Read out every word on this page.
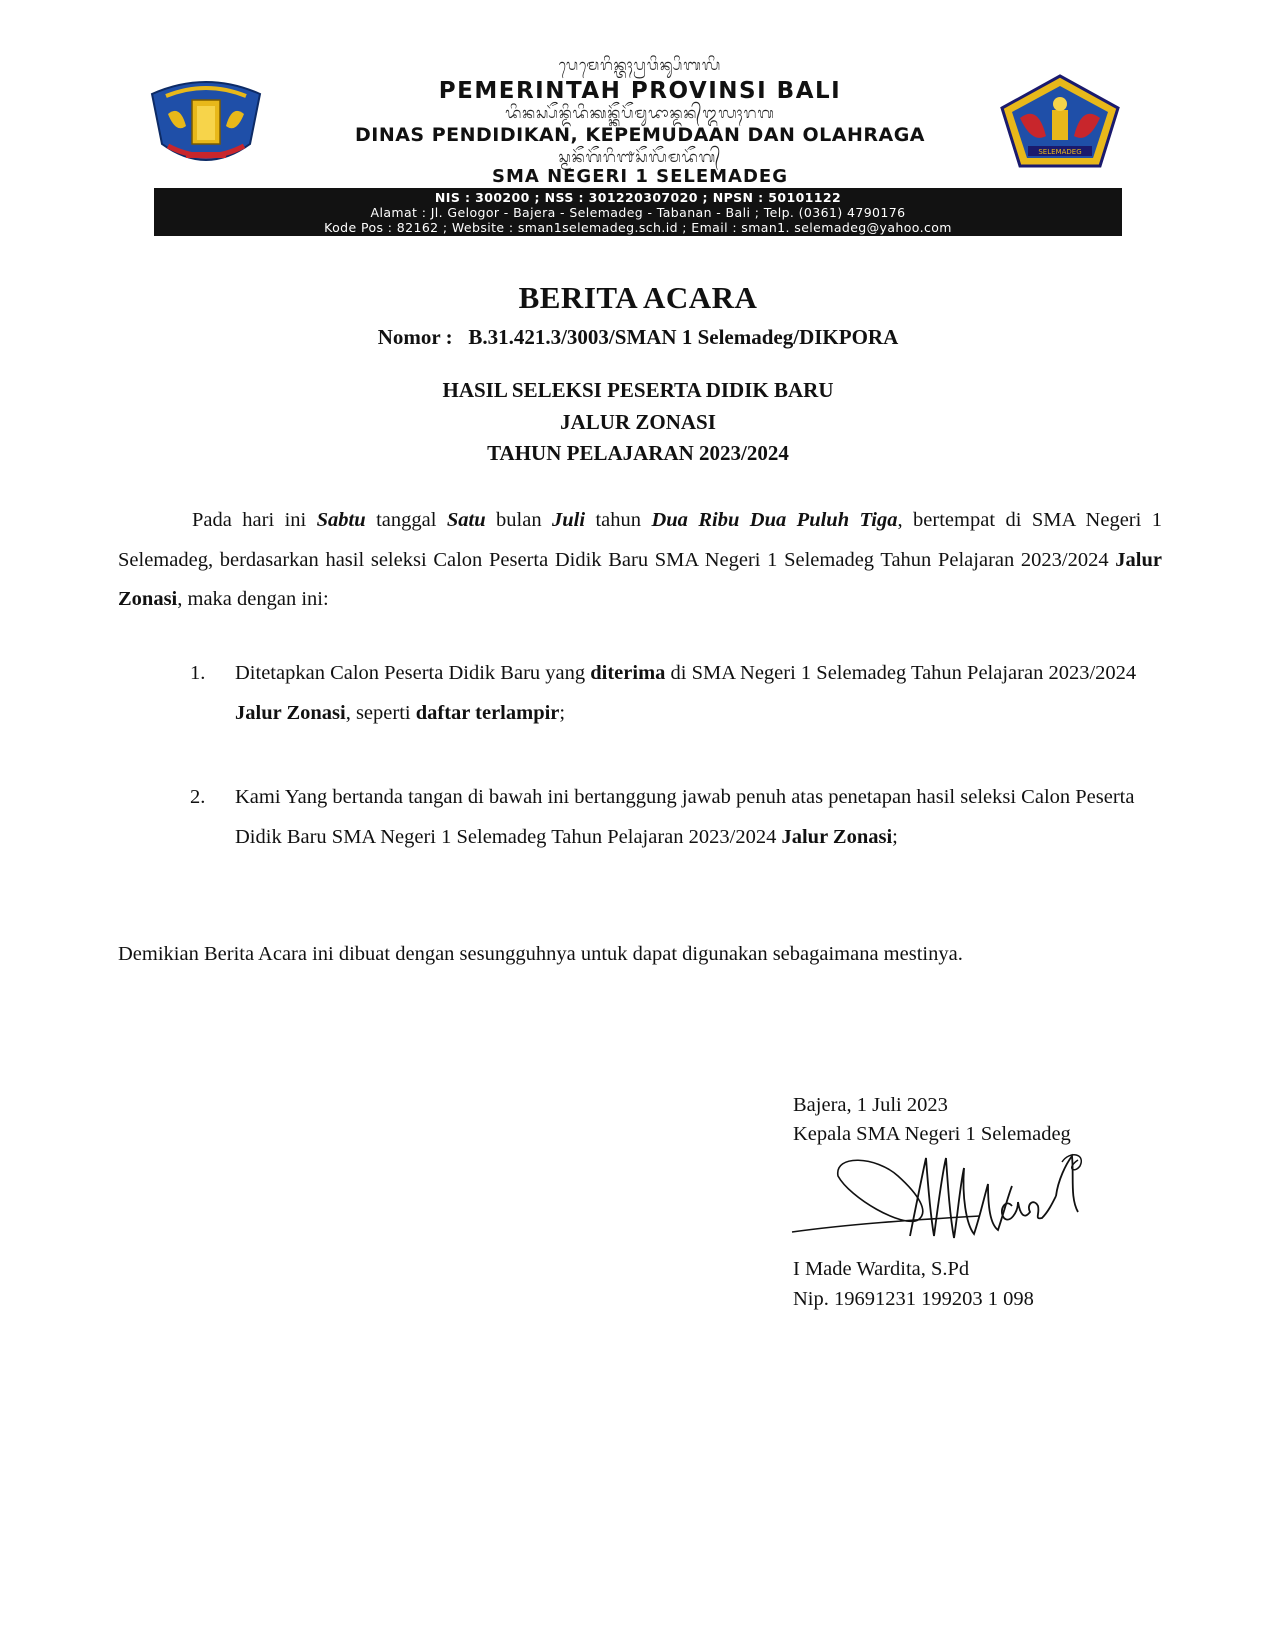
ᬧᬾᬫᬾᬭᬶᬦ᭄ᬢᬄᬧ᭄ᬭᬯᬶᬦ᭄ᬲᬶᬩᬮᬶ
PEMERINTAH PROVINSI BALI
ᬤᬶᬦᬲ᭄ᬧᭂᬦ᭄ᬤᬶᬤᬶᬓᬦ᭄ᬓᭂᬧᭂᬫᬸᬤᬵᬦ᭄ᬤᬦ᭄ᬑᬮᬄᬭᬕ
DINAS PENDIDIKAN, KEPEMUDAAN DAN OLAHRAGA
ᬲ᭄ᬫᬦᭂᬕᭂᬭᬶ᭑ᬲᭂᬮᭂᬫᬤᭂᬕ᭄
SMA NEGERI 1 SELEMADEG
SELEMADEG
NIS : 300200 ; NSS : 301220307020 ; NPSN : 50101122
Alamat : Jl. Gelogor - Bajera - Selemadeg - Tabanan - Bali ; Telp. (0361) 4790176
Kode Pos : 82162 ; Website : sman1selemadeg.sch.id ; Email : sman1. selemadeg@yahoo.com
BERITA ACARA
Nomor :   B.31.421.3/3003/SMAN 1 Selemadeg/DIKPORA
HASIL SELEKSI PESERTA DIDIK BARU
JALUR ZONASI
TAHUN PELAJARAN 2023/2024
Pada hari ini Sabtu tanggal Satu bulan Juli tahun Dua Ribu Dua Puluh Tiga, bertempat di SMA Negeri 1 Selemadeg, berdasarkan hasil seleksi Calon Peserta Didik Baru SMA Negeri 1 Selemadeg Tahun Pelajaran 2023/2024 Jalur Zonasi, maka dengan ini:
1.	Ditetapkan Calon Peserta Didik Baru yang diterima di SMA Negeri 1 Selemadeg Tahun Pelajaran 2023/2024 Jalur Zonasi, seperti daftar terlampir;
2.	Kami Yang bertanda tangan di bawah ini bertanggung jawab penuh atas penetapan hasil seleksi Calon Peserta Didik Baru SMA Negeri 1 Selemadeg Tahun Pelajaran 2023/2024 Jalur Zonasi;
Demikian Berita Acara ini dibuat dengan sesungguhnya untuk dapat digunakan sebagaimana mestinya.
Bajera, 1 Juli 2023
Kepala SMA Negeri 1 Selemadeg
I Made Wardita, S.Pd
Nip. 19691231 199203 1 098
